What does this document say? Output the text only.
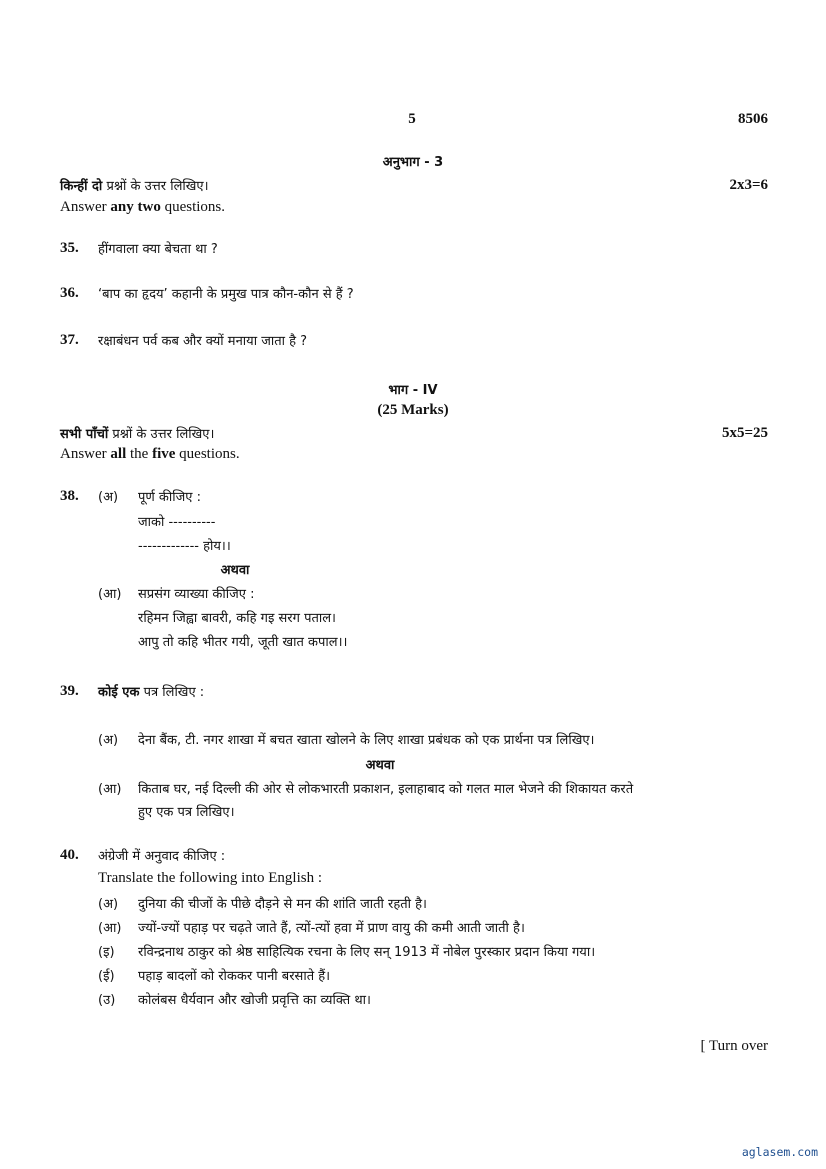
5	8506
अनुभाग - 3
किन्हीं दो प्रश्नों के उत्तर लिखिए।	2x3=6
Answer any two questions.
35. हींगवाला क्या बेचता था ?
36. ‘बाप का हृदय’ कहानी के प्रमुख पात्र कौन-कौन से हैं ?
37. रक्षाबंधन पर्व कब और क्यों मनाया जाता है ?
भाग - IV
(25 Marks)
सभी पाँचों प्रश्नों के उत्तर लिखिए।	5x5=25
Answer all the five questions.
38. (अ) पूर्ण कीजिए :
जाको ----------
------------- होय।।
अथवा
(आ) सप्रसंग व्याख्या कीजिए :
रहिमन जिह्वा बावरी, कहि गइ सरग पताल।
आपु तो कहि भीतर गयी, जूती खात कपाल।।
39. कोई एक पत्र लिखिए :
(अ) देना बैंक, टी. नगर शाखा में बचत खाता खोलने के लिए शाखा प्रबंधक को एक प्रार्थना पत्र लिखिए।
अथवा
(आ) किताब घर, नई दिल्ली की ओर से लोकभारती प्रकाशन, इलाहाबाद को गलत माल भेजने की शिकायत करते
हुए एक पत्र लिखिए।
40. अंग्रेजी में अनुवाद कीजिए :
Translate the following into English :
(अ) दुनिया की चीजों के पीछे दौड़ने से मन की शांति जाती रहती है।
(आ) ज्यों-ज्यों पहाड़ पर चढ़ते जाते हैं, त्यों-त्यों हवा में प्राण वायु की कमी आती जाती है।
(इ) रविन्द्रनाथ ठाकुर को श्रेष्ठ साहित्यिक रचना के लिए सन् 1913 में नोबेल पुरस्कार प्रदान किया गया।
(ई) पहाड़ बादलों को रोककर पानी बरसाते हैं।
(उ) कोलंबस धैर्यवान और खोजी प्रवृत्ति का व्यक्ति था।
[ Turn over
aglasem.com
